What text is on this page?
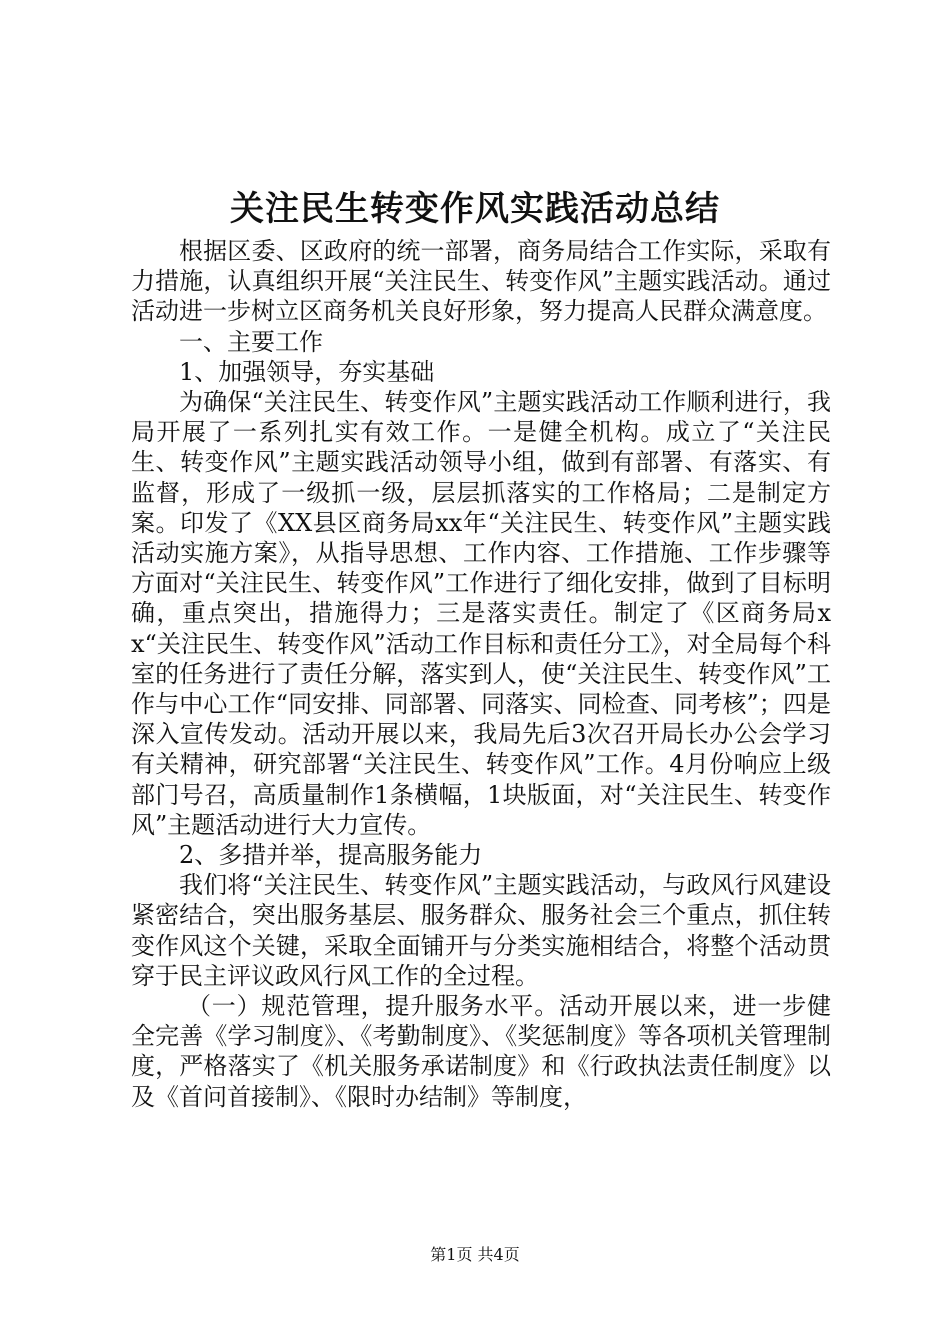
关注民生转变作风实践活动总结

根据区委、区政府的统一部署，商务局结合工作实际，采取有力措施，认真组织开展“关注民生、转变作风”主题实践活动。通过活动进一步树立区商务机关良好形象，努力提高人民群众满意度。

一、主要工作

1、加强领导，夯实基础

为确保“关注民生、转变作风”主题实践活动工作顺利进行，我局开展了一系列扎实有效工作。一是健全机构。成立了“关注民生、转变作风”主题实践活动领导小组，做到有部署、有落实、有监督，形成了一级抓一级，层层抓落实的工作格局；二是制定方案。印发了《XX县区商务局xx年“关注民生、转变作风”主题实践活动实施方案》，从指导思想、工作内容、工作措施、工作步骤等方面对“关注民生、转变作风”工作进行了细化安排，做到了目标明确，重点突出，措施得力；三是落实责任。制定了《区商务局xx“关注民生、转变作风”活动工作目标和责任分工》，对全局每个科室的任务进行了责任分解，落实到人，使“关注民生、转变作风”工作与中心工作“同安排、同部署、同落实、同检查、同考核”；四是深入宣传发动。活动开展以来，我局先后3次召开局长办公会学习有关精神，研究部署“关注民生、转变作风”工作。4月份响应上级部门号召，高质量制作1条横幅，1块版面，对“关注民生、转变作风”主题活动进行大力宣传。

2、多措并举，提高服务能力

我们将“关注民生、转变作风”主题实践活动，与政风行风建设紧密结合，突出服务基层、服务群众、服务社会三个重点，抓住转变作风这个关键，采取全面铺开与分类实施相结合，将整个活动贯穿于民主评议政风行风工作的全过程。

（一）规范管理，提升服务水平。活动开展以来，进一步健全完善《学习制度》、《考勤制度》、《奖惩制度》等各项机关管理制度，严格落实了《机关服务承诺制度》和《行政执法责任制度》以及《首问首接制》、《限时办结制》等制度，

第1页 共4页
